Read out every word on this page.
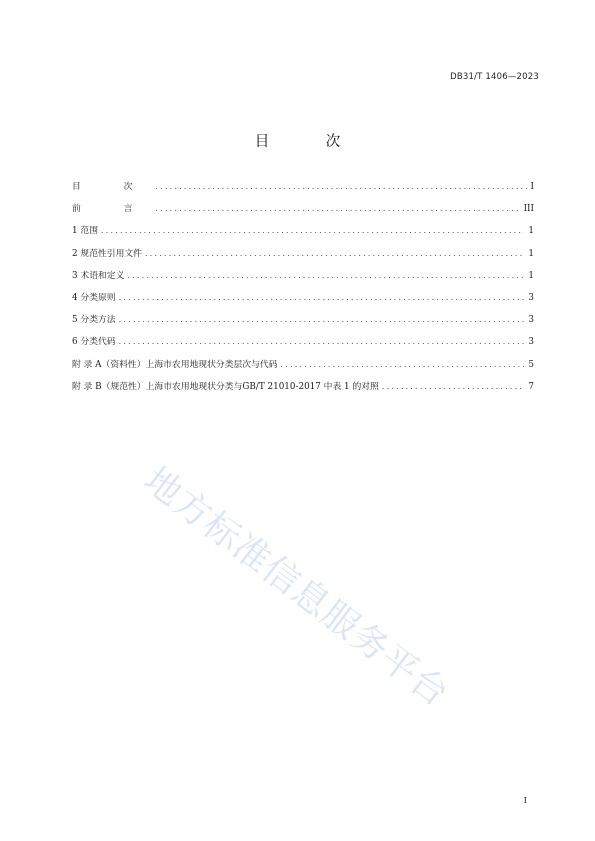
DB31/T 1406—2023
目 次
目 次 .....	I
前 言 .....	III
1 范围 .....	1
2 规范性引用文件 .....	1
3 术语和定义 .....	1
4 分类原则 .....	3
5 分类方法 .....	3
6 分类代码 .....	3
附 录 A（资料性）上海市农用地现状分类层次与代码 .....	5
附 录 B（规范性）上海市农用地现状分类与GB/T 21010-2017 中表 1 的对照 .....	7
地方标准信息服务平台
I
